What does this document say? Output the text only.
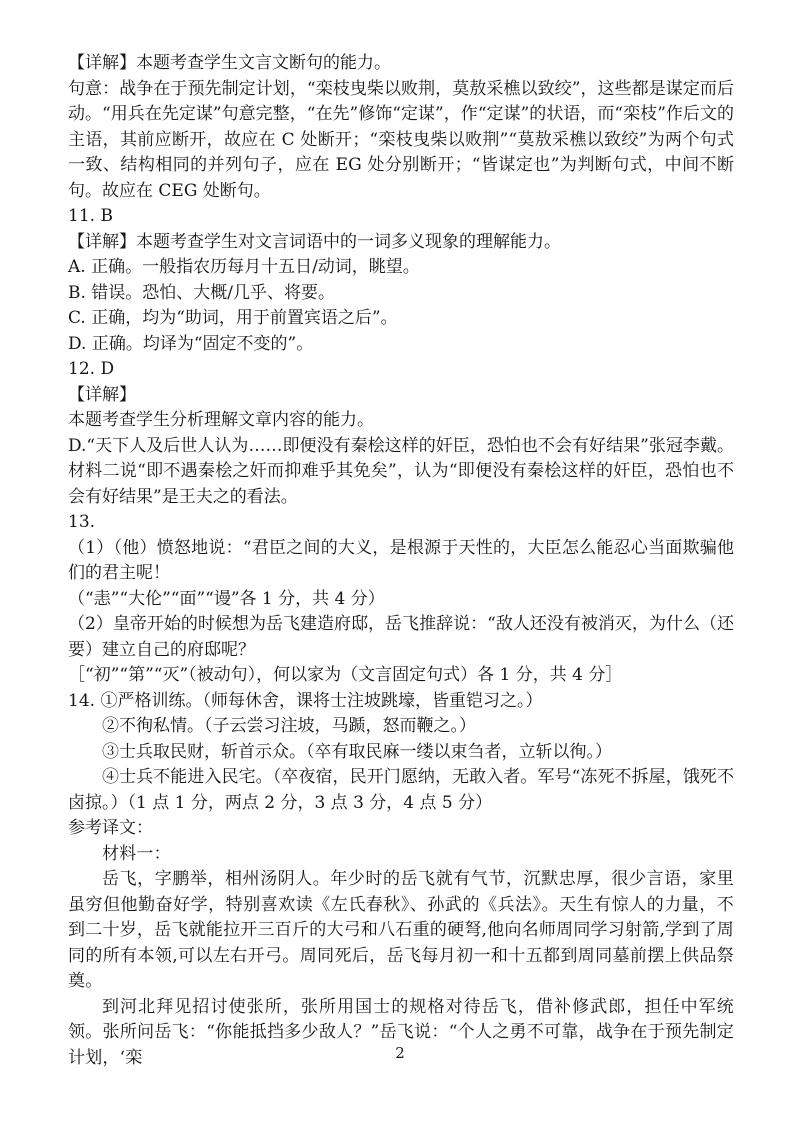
【详解】本题考查学生文言文断句的能力。

句意：战争在于预先制定计划，“栾枝曳柴以败荆，莫敖采樵以致绞”，这些都是谋定而后动。“用兵在先定谋”句意完整，“在先”修饰“定谋”，作“定谋”的状语，而“栾枝”作后文的主语，其前应断开，故应在 C 处断开；“栾枝曳柴以败荆”“莫敖采樵以致绞”为两个句式一致、结构相同的并列句子，应在 EG 处分别断开；“皆谋定也”为判断句式，中间不断句。故应在 CEG 处断句。

11. B

【详解】本题考查学生对文言词语中的一词多义现象的理解能力。

A. 正确。一般指农历每月十五日/动词，眺望。

B. 错误。恐怕、大概/几乎、将要。

C. 正确，均为“助词，用于前置宾语之后”。

D. 正确。均译为“固定不变的”。

12. D

【详解】

本题考查学生分析理解文章内容的能力。

D.“天下人及后世人认为……即便没有秦桧这样的奸臣，恐怕也不会有好结果”张冠李戴。材料二说“即不遇秦桧之奸而抑难乎其免矣”，认为“即便没有秦桧这样的奸臣，恐怕也不会有好结果”是王夫之的看法。

13.

（1）（他）愤怒地说：“君臣之间的大义，是根源于天性的，大臣怎么能忍心当面欺骗他们的君主呢！

（“恚”“大伦”“面”“谩”各 1 分，共 4 分）

（2）皇帝开始的时候想为岳飞建造府邸，岳飞推辞说：“敌人还没有被消灭，为什么（还要）建立自己的府邸呢？

［“初”“第”“灭”（被动句），何以家为（文言固定句式）各 1 分，共 4 分］

14. ①严格训练。（师每休舍，课将士注坡跳壕，皆重铠习之。）

②不徇私情。（子云尝习注坡，马踬，怒而鞭之。）

③士兵取民财，斩首示众。（卒有取民麻一缕以束刍者，立斩以徇。）

④士兵不能进入民宅。（卒夜宿，民开门愿纳，无敢入者。军号“冻死不拆屋，饿死不卤掠。）（1 点 1 分，两点 2 分，3 点 3 分，4 点 5 分）

参考译文：

材料一：

岳飞，字鹏举，相州汤阴人。年少时的岳飞就有气节，沉默忠厚，很少言语，家里虽穷但他勤奋好学，特别喜欢读《左氏春秋》、孙武的《兵法》。天生有惊人的力量，不到二十岁，岳飞就能拉开三百斤的大弓和八石重的硬弩,他向名师周同学习射箭,学到了周同的所有本领,可以左右开弓。周同死后，岳飞每月初一和十五都到周同墓前摆上供品祭奠。

到河北拜见招讨使张所，张所用国士的规格对待岳飞，借补修武郎，担任中军统领。张所问岳飞：“你能抵挡多少敌人？”岳飞说：“个人之勇不可靠，战争在于预先制定计划，‘栾	2
